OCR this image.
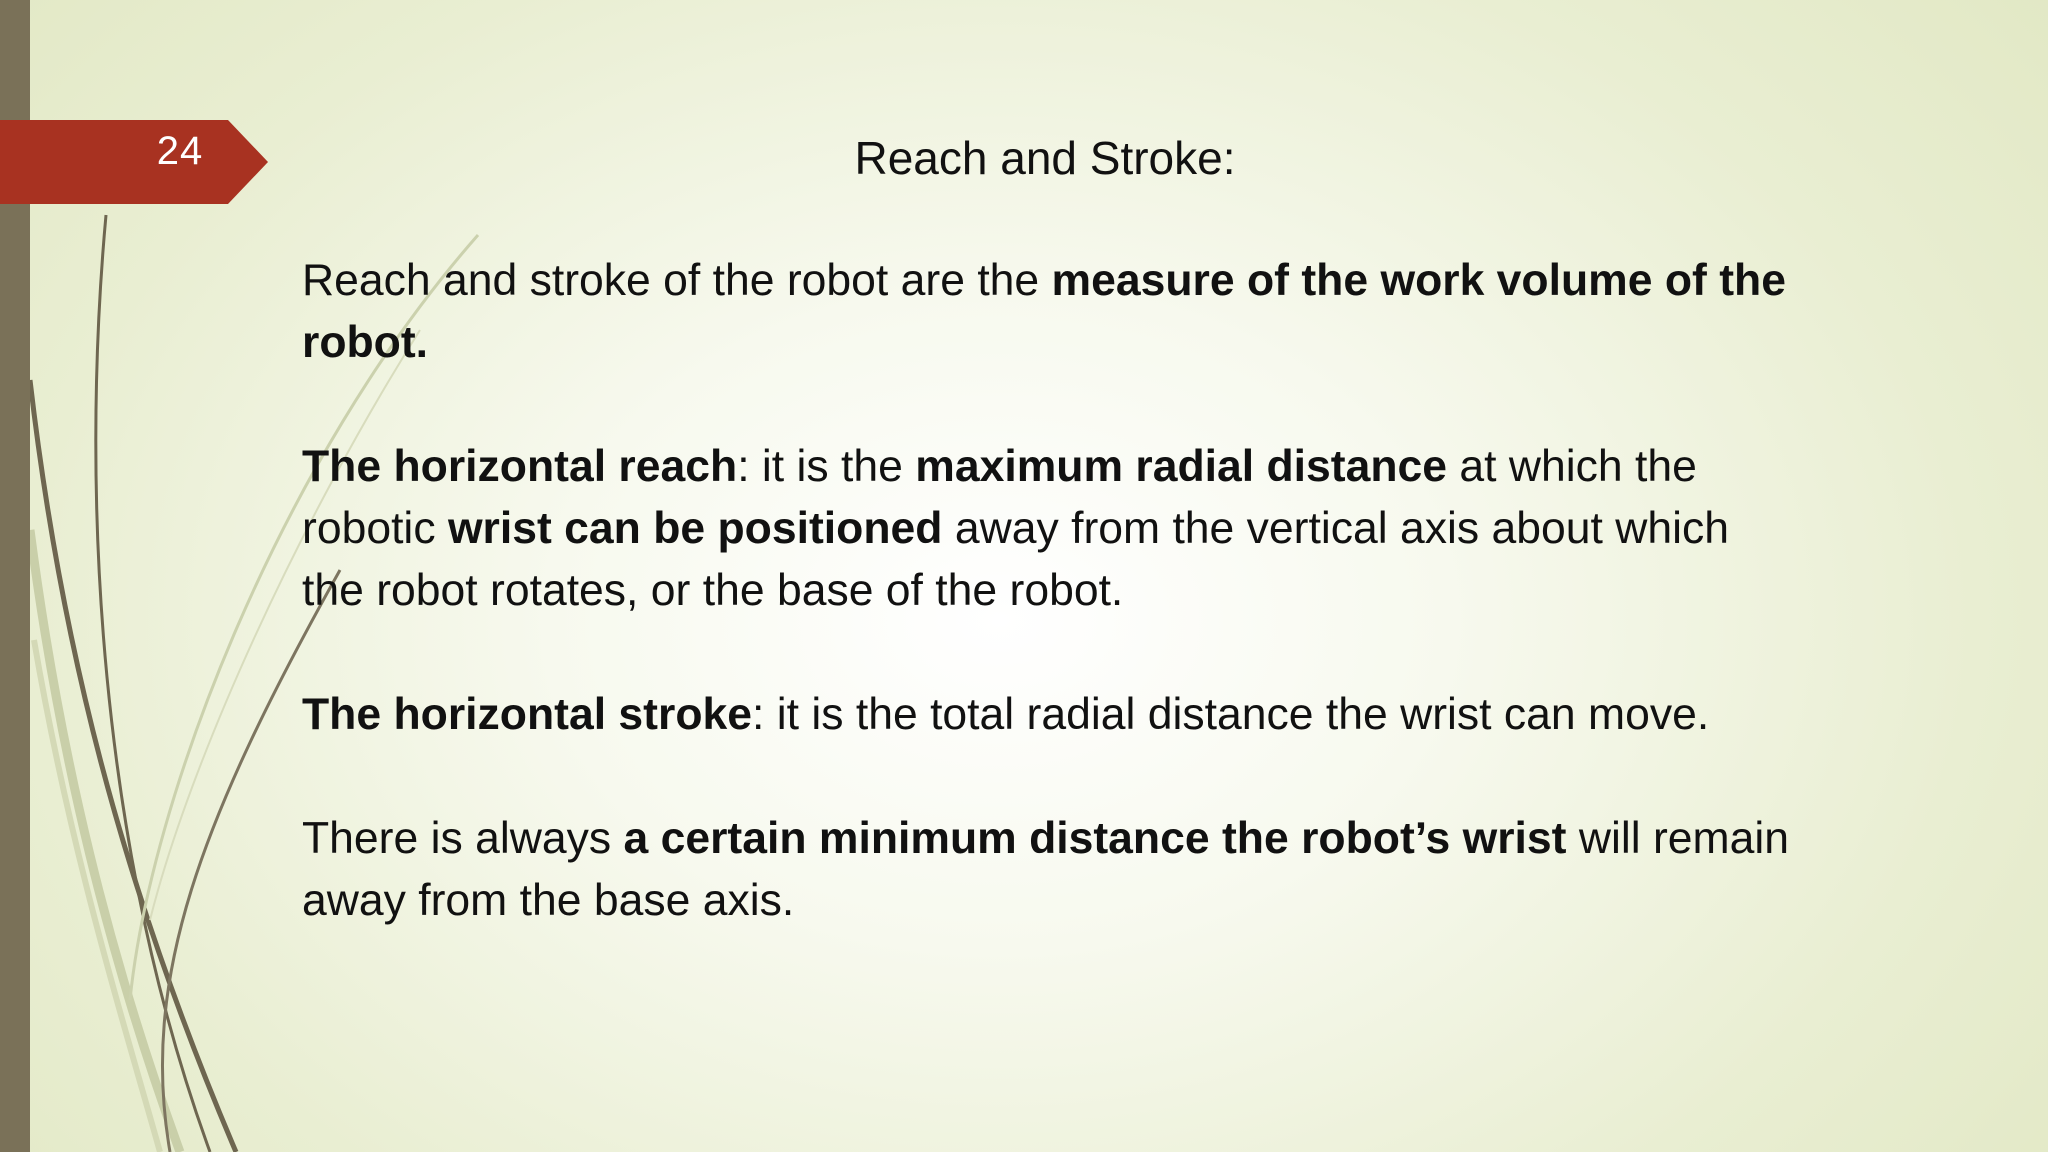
24	Reach and Stroke:

Reach and stroke of the robot are the measure of the work volume of the robot.

The horizontal reach: it is the maximum radial distance at which the robotic wrist can be positioned away from the vertical axis about which the robot rotates, or the base of the robot.

The horizontal stroke: it is the total radial distance the wrist can move.

There is always a certain minimum distance the robot’s wrist will remain away from the base axis.
